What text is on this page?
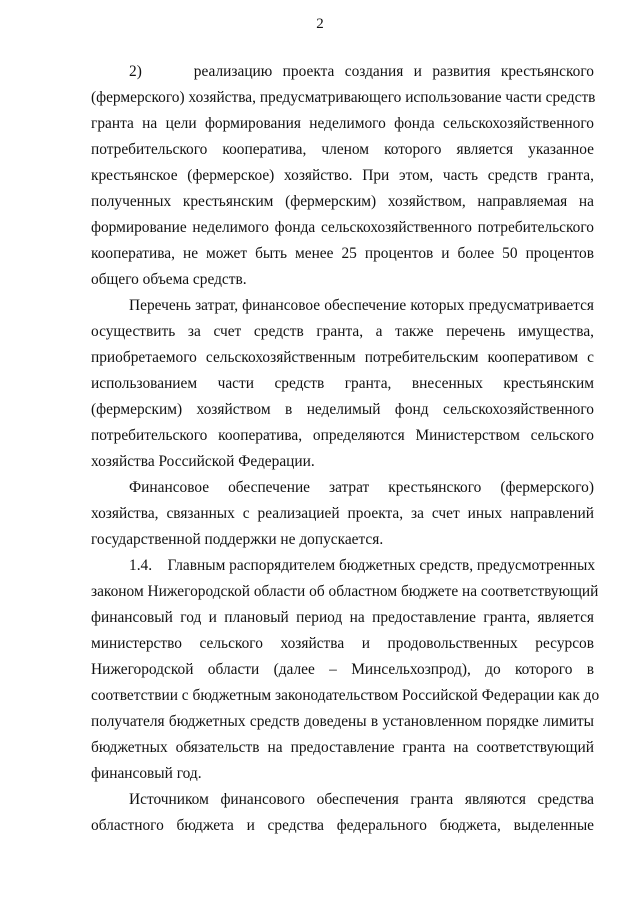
2

2)     реализацию проекта создания и развития крестьянского
(фермерского) хозяйства, предусматривающего использование части средств
гранта на цели формирования неделимого фонда сельскохозяйственного
потребительского кооператива, членом которого является указанное
крестьянское (фермерское) хозяйство. При этом, часть средств гранта,
полученных крестьянским (фермерским) хозяйством, направляемая на
формирование неделимого фонда сельскохозяйственного потребительского
кооператива, не может быть менее 25 процентов и более 50 процентов
общего объема средств.

Перечень затрат, финансовое обеспечение которых предусматривается
осуществить за счет средств гранта, а также перечень имущества,
приобретаемого сельскохозяйственным потребительским кооперативом с
использованием части средств гранта, внесенных крестьянским
(фермерским) хозяйством в неделимый фонд сельскохозяйственного
потребительского кооператива, определяются Министерством сельского
хозяйства Российской Федерации.

Финансовое обеспечение затрат крестьянского (фермерского)
хозяйства, связанных с реализацией проекта, за счет иных направлений
государственной поддержки не допускается.

1.4.    Главным распорядителем бюджетных средств, предусмотренных
законом Нижегородской области об областном бюджете на соответствующий
финансовый год и плановый период на предоставление гранта, является
министерство сельского хозяйства и продовольственных ресурсов
Нижегородской области (далее – Минсельхозпрод), до которого в
соответствии с бюджетным законодательством Российской Федерации как до
получателя бюджетных средств доведены в установленном порядке лимиты
бюджетных обязательств на предоставление гранта на соответствующий
финансовый год.

Источником финансового обеспечения гранта являются средства
областного бюджета и средства федерального бюджета, выделенные
